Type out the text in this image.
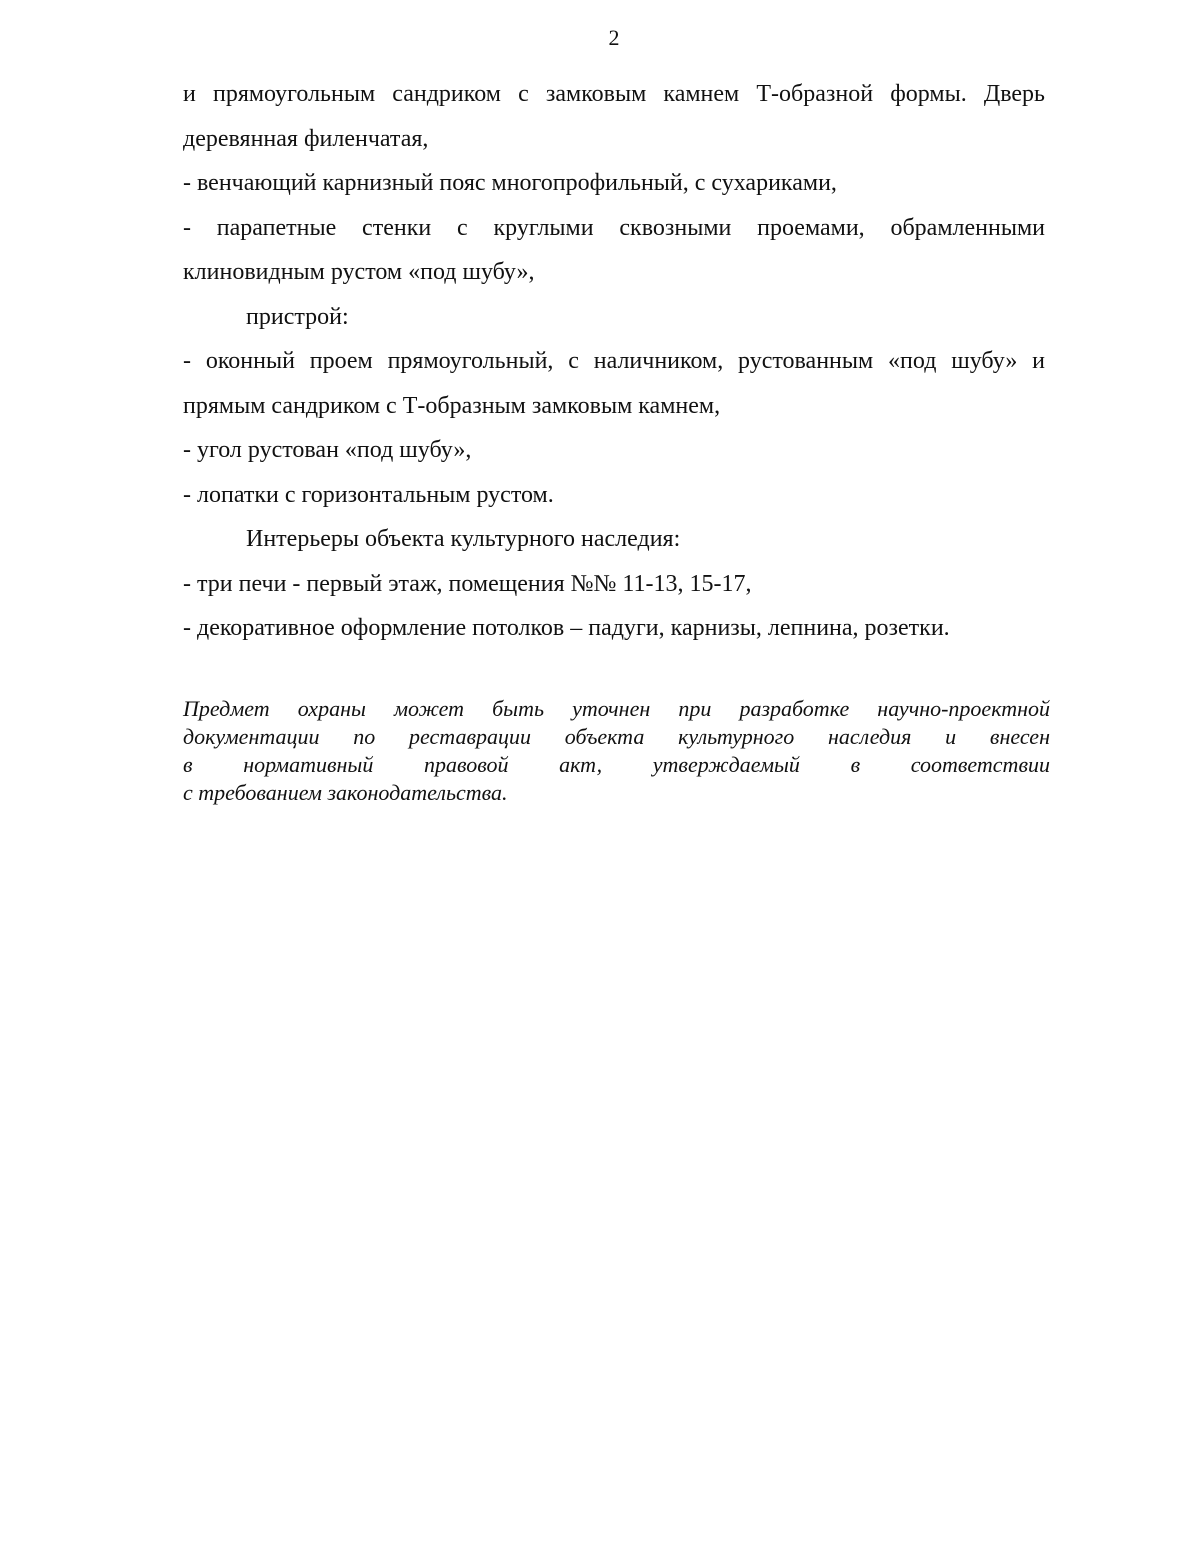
2

и прямоугольным сандриком с замковым камнем Т-образной формы. Дверь деревянная филенчатая,

- венчающий карнизный пояс многопрофильный, с сухариками,

- парапетные стенки с круглыми сквозными проемами, обрамленными клиновидным рустом «под шубу»,

пристрой:

- оконный проем прямоугольный, с наличником, рустованным «под шубу» и прямым сандриком с Т-образным замковым камнем,

- угол рустован «под шубу»,

- лопатки с горизонтальным рустом.

Интерьеры объекта культурного наследия:

- три печи - первый этаж, помещения №№ 11-13, 15-17,

- декоративное оформление потолков – падуги, карнизы, лепнина, розетки.

Предмет охраны может быть уточнен при разработке научно-проектной
документации по реставрации объекта культурного наследия и внесен
в нормативный правовой акт, утверждаемый в соответствии
с требованием законодательства.
